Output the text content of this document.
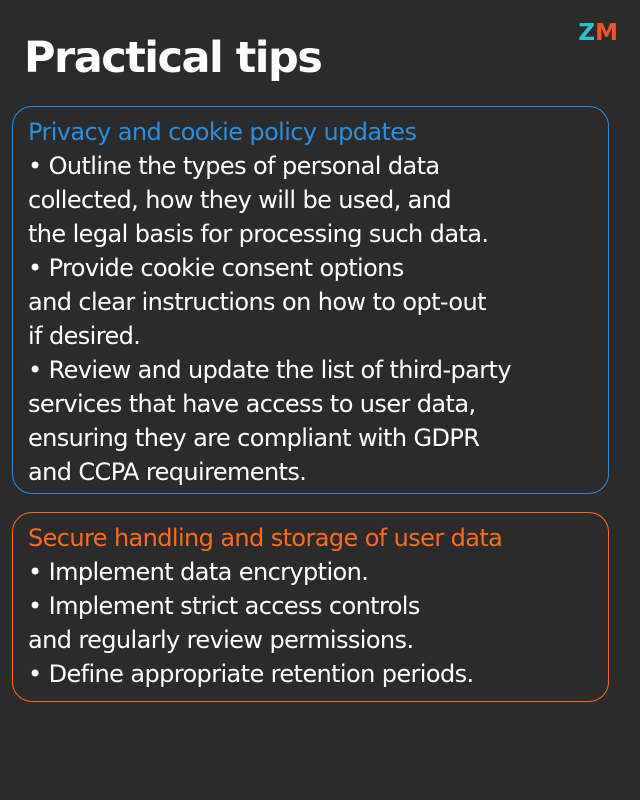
ZM
Practical tips

Privacy and cookie policy updates

• Outline the types of personal data

collected, how they will be used, and

the legal basis for processing such data.

• Provide cookie consent options

and clear instructions on how to opt-out

if desired.

• Review and update the list of third-party

services that have access to user data,

ensuring they are compliant with GDPR

and CCPA requirements.

Secure handling and storage of user data

• Implement data encryption.

• Implement strict access controls

and regularly review permissions.

• Define appropriate retention periods.
